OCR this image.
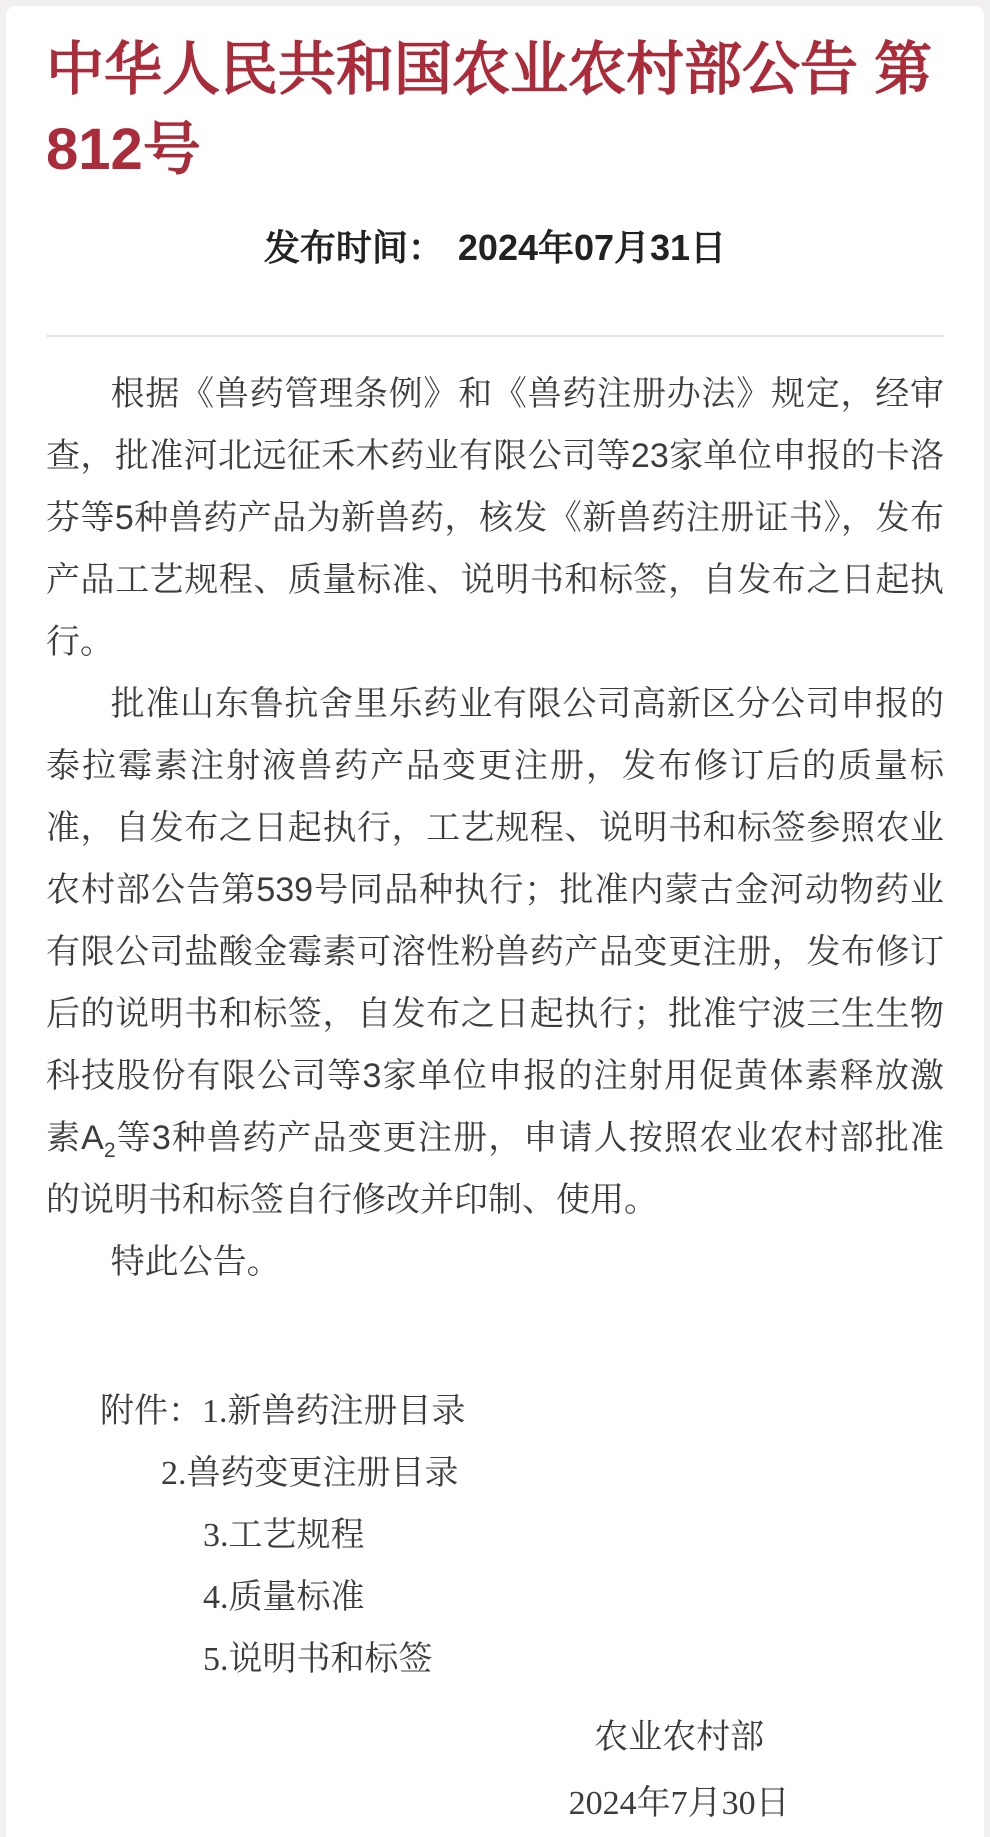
中华人民共和国农业农村部公告 第812号
发布时间： 2024年07月31日

根据《兽药管理条例》和《兽药注册办法》规定，经审查，批准河北远征禾木药业有限公司等23家单位申报的卡洛芬等5种兽药产品为新兽药，核发《新兽药注册证书》，发布产品工艺规程、质量标准、说明书和标签，自发布之日起执行。

批准山东鲁抗舍里乐药业有限公司高新区分公司申报的泰拉霉素注射液兽药产品变更注册，发布修订后的质量标准，自发布之日起执行，工艺规程、说明书和标签参照农业农村部公告第539号同品种执行；批准内蒙古金河动物药业有限公司盐酸金霉素可溶性粉兽药产品变更注册，发布修订后的说明书和标签，自发布之日起执行；批准宁波三生生物科技股份有限公司等3家单位申报的注射用促黄体素释放激素$A_2$等3种兽药产品变更注册，申请人按照农业农村部批准的说明书和标签自行修改并印制、使用。

特此公告。

附件：1.新兽药注册目录
2.兽药变更注册目录
3.工艺规程
4.质量标准
5.说明书和标签
农业农村部
2024年7月30日
